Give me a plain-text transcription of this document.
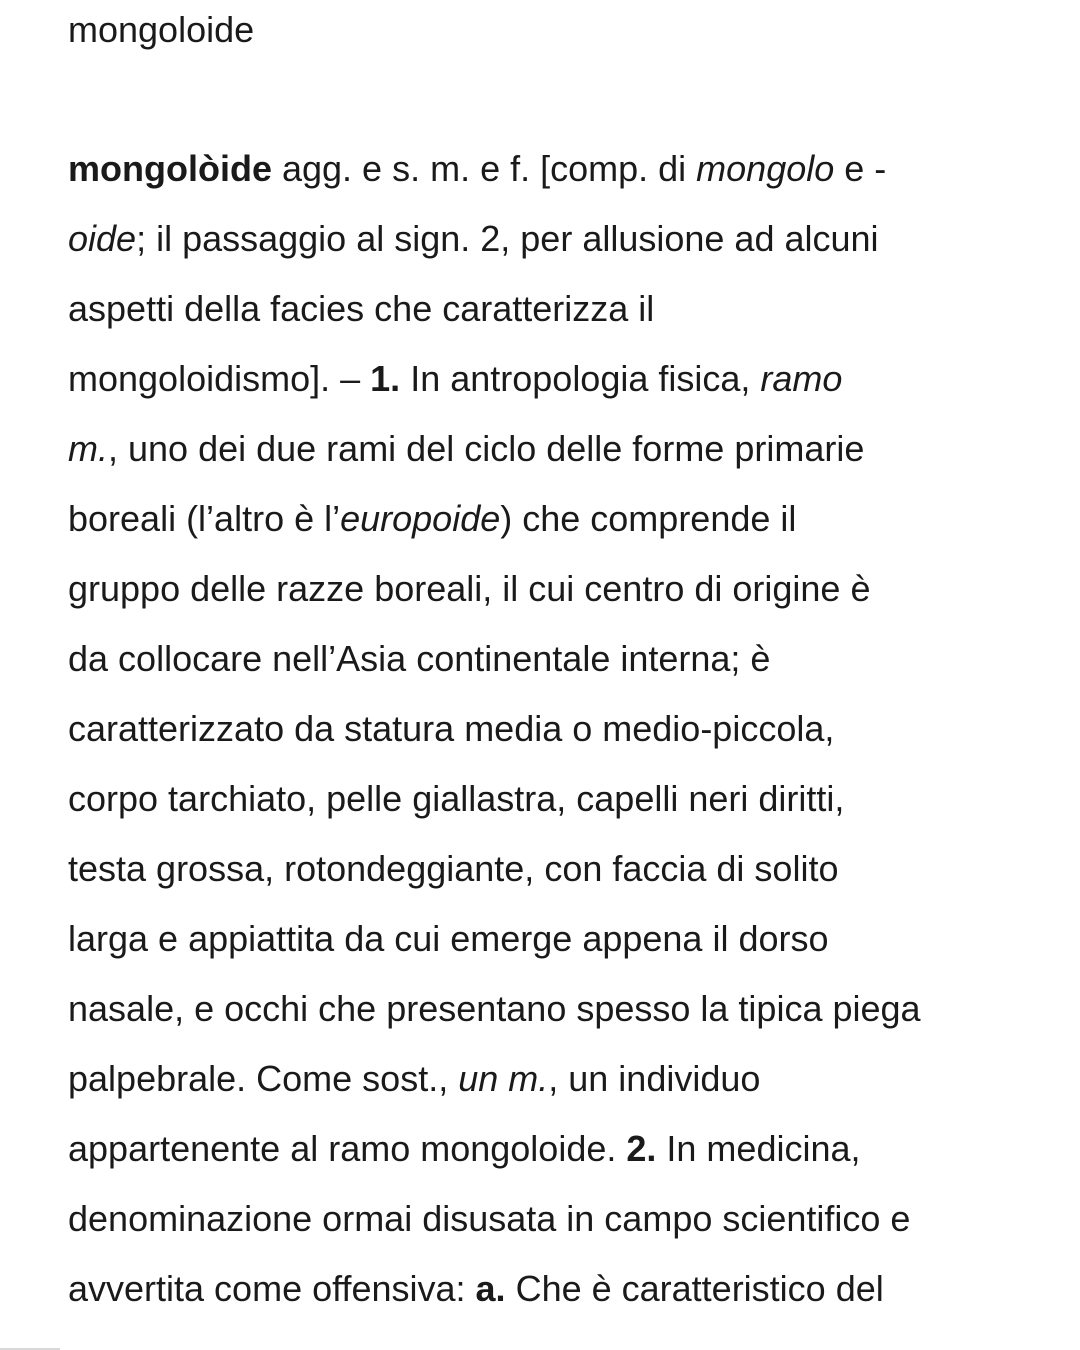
mongoloide
mongolòide agg. e s. m. e f. [comp. di mongolo e -
oide; il passaggio al sign. 2, per allusione ad alcuni
aspetti della facies che caratterizza il
mongoloidismo]. – 1. In antropologia fisica, ramo
m., uno dei due rami del ciclo delle forme primarie
boreali (l’altro è l’europoide) che comprende il
gruppo delle razze boreali, il cui centro di origine è
da collocare nell’Asia continentale interna; è
caratterizzato da statura media o medio-piccola,
corpo tarchiato, pelle giallastra, capelli neri diritti,
testa grossa, rotondeggiante, con faccia di solito
larga e appiattita da cui emerge appena il dorso
nasale, e occhi che presentano spesso la tipica piega
palpebrale. Come sost., un m., un individuo
appartenente al ramo mongoloide. 2. In medicina,
denominazione ormai disusata in campo scientifico e
avvertita come offensiva: a. Che è caratteristico del
